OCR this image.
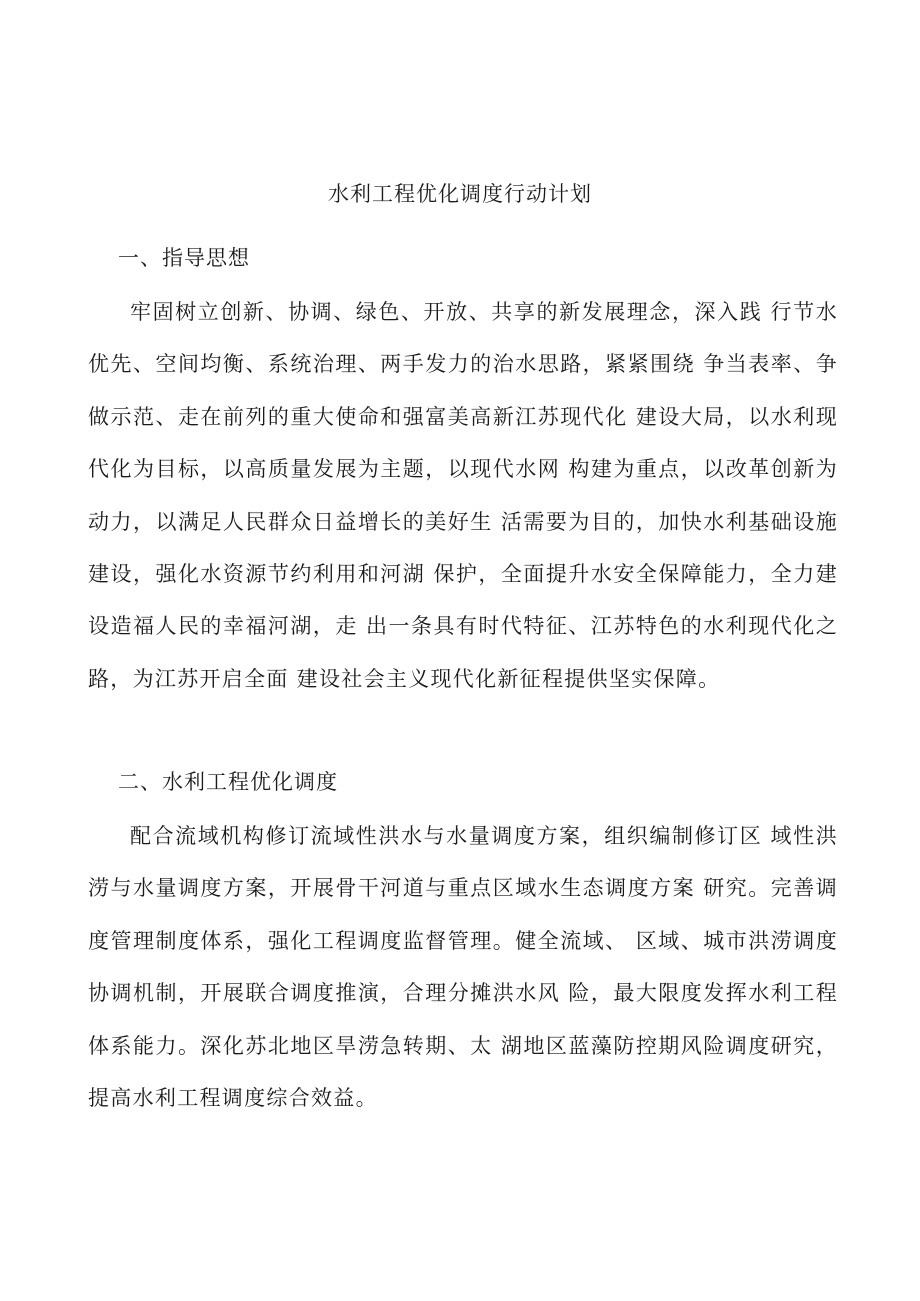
水利工程优化调度行动计划
一、指导思想

牢固树立创新、协调、绿色、开放、共享的新发展理念，深入践 行节水优先、空间均衡、系统治理、两手发力的治水思路，紧紧围绕 争当表率、争做示范、走在前列的重大使命和强富美高新江苏现代化 建设大局，以水利现代化为目标，以高质量发展为主题，以现代水网 构建为重点，以改革创新为动力，以满足人民群众日益增长的美好生 活需要为目的，加快水利基础设施建设，强化水资源节约利用和河湖 保护，全面提升水安全保障能力，全力建设造福人民的幸福河湖，走 出一条具有时代特征、江苏特色的水利现代化之路，为江苏开启全面 建设社会主义现代化新征程提供坚实保障。

二、水利工程优化调度

配合流域机构修订流域性洪水与水量调度方案，组织编制修订区 域性洪涝与水量调度方案，开展骨干河道与重点区域水生态调度方案 研究。完善调度管理制度体系，强化工程调度监督管理。健全流域、 区域、城市洪涝调度协调机制，开展联合调度推演，合理分摊洪水风 险，最大限度发挥水利工程体系能力。深化苏北地区旱涝急转期、太 湖地区蓝藻防控期风险调度研究，提高水利工程调度综合效益。
